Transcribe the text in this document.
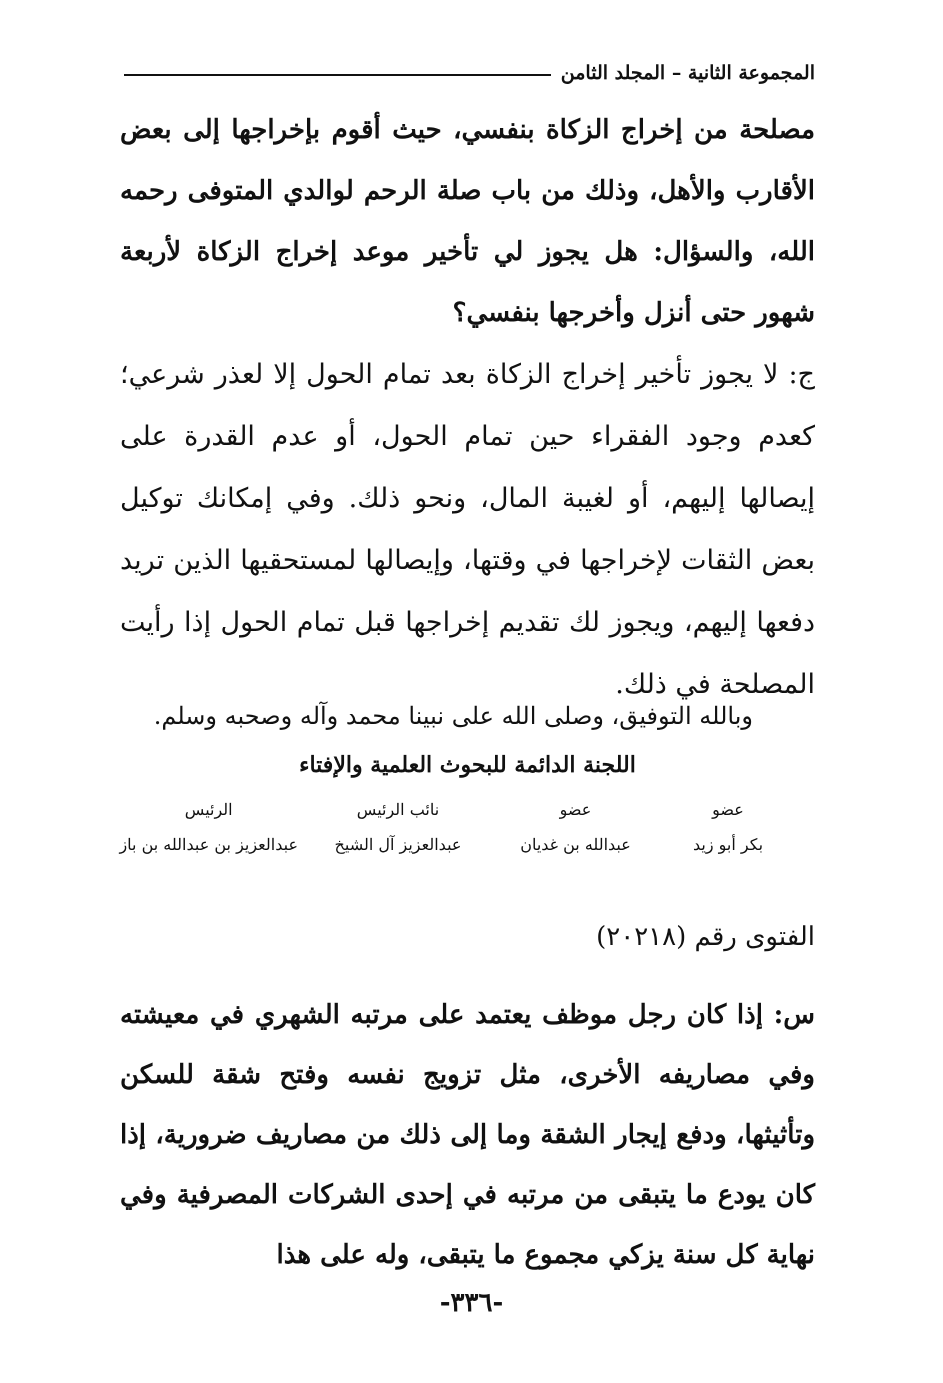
المجموعة الثانية – المجلد الثامن
مصلحة من إخراج الزكاة بنفسي، حيث أقوم بإخراجها إلى بعض الأقارب والأهل، وذلك من باب صلة الرحم لوالدي المتوفى رحمه الله، والسؤال: هل يجوز لي تأخير موعد إخراج الزكاة لأربعة شهور حتى أنزل وأخرجها بنفسي؟
ج: لا يجوز تأخير إخراج الزكاة بعد تمام الحول إلا لعذر شرعي؛ كعدم وجود الفقراء حين تمام الحول، أو عدم القدرة على إيصالها إليهم، أو لغيبة المال، ونحو ذلك. وفي إمكانك توكيل بعض الثقات لإخراجها في وقتها، وإيصالها لمستحقيها الذين تريد دفعها إليهم، ويجوز لك تقديم إخراجها قبل تمام الحول إذا رأيت المصلحة في ذلك.
وبالله التوفيق، وصلى الله على نبينا محمد وآله وصحبه وسلم.
اللجنة الدائمة للبحوث العلمية والإفتاء
عضو
عضو
نائب الرئيس
الرئيس
بكر أبو زيد
عبدالله بن غديان
عبدالعزيز آل الشيخ
عبدالعزيز بن عبدالله بن باز
الفتوى رقم (٢٠٢١٨)
س: إذا كان رجل موظف يعتمد على مرتبه الشهري في معيشته وفي مصاريفه الأخرى، مثل تزويج نفسه وفتح شقة للسكن وتأثيثها، ودفع إيجار الشقة وما إلى ذلك من مصاريف ضرورية، إذا كان يودع ما يتبقى من مرتبه في إحدى الشركات المصرفية وفي نهاية كل سنة يزكي مجموع ما يتبقى، وله على هذا
-٣٣٦-
